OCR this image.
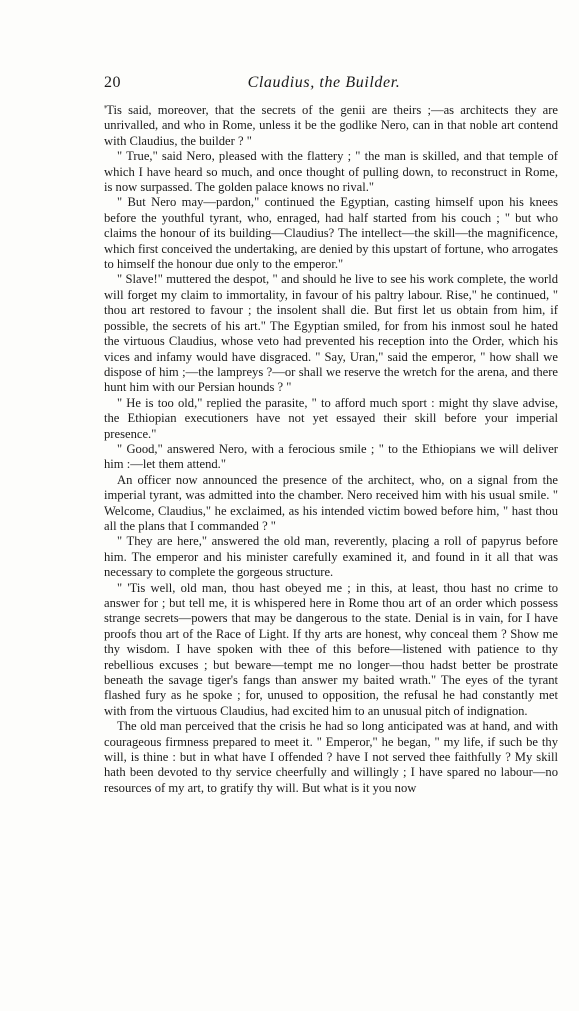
20	Claudius, the Builder.

'Tis said, moreover, that the secrets of the genii are theirs ;—as architects they are unrivalled, and who in Rome, unless it be the godlike Nero, can in that noble art contend with Claudius, the builder ? "

" True," said Nero, pleased with the flattery ; " the man is skilled, and that temple of which I have heard so much, and once thought of pulling down, to reconstruct in Rome, is now surpassed. The golden palace knows no rival."

" But Nero may—pardon," continued the Egyptian, casting himself upon his knees before the youthful tyrant, who, enraged, had half started from his couch ; " but who claims the honour of its building—Claudius? The intellect—the skill—the magnificence, which first conceived the undertaking, are denied by this upstart of fortune, who arrogates to himself the honour due only to the emperor."

" Slave!" muttered the despot, " and should he live to see his work complete, the world will forget my claim to immortality, in favour of his paltry labour. Rise," he continued, " thou art restored to favour ; the insolent shall die. But first let us obtain from him, if possible, the secrets of his art." The Egyptian smiled, for from his inmost soul he hated the virtuous Claudius, whose veto had prevented his reception into the Order, which his vices and infamy would have disgraced. " Say, Uran," said the emperor, " how shall we dispose of him ;—the lampreys ?—or shall we reserve the wretch for the arena, and there hunt him with our Persian hounds ? "

" He is too old," replied the parasite, " to afford much sport : might thy slave advise, the Ethiopian executioners have not yet essayed their skill before your imperial presence."

" Good," answered Nero, with a ferocious smile ; " to the Ethiopians we will deliver him :—let them attend."

An officer now announced the presence of the architect, who, on a signal from the imperial tyrant, was admitted into the chamber. Nero received him with his usual smile. " Welcome, Claudius," he exclaimed, as his intended victim bowed before him, " hast thou all the plans that I commanded ? "

" They are here," answered the old man, reverently, placing a roll of papyrus before him. The emperor and his minister carefully examined it, and found in it all that was necessary to complete the gorgeous structure.

" 'Tis well, old man, thou hast obeyed me ; in this, at least, thou hast no crime to answer for ; but tell me, it is whispered here in Rome thou art of an order which possess strange secrets—powers that may be dangerous to the state. Denial is in vain, for I have proofs thou art of the Race of Light. If thy arts are honest, why conceal them ? Show me thy wisdom. I have spoken with thee of this before—listened with patience to thy rebellious excuses ; but beware—tempt me no longer—thou hadst better be prostrate beneath the savage tiger's fangs than answer my baited wrath." The eyes of the tyrant flashed fury as he spoke ; for, unused to opposition, the refusal he had constantly met with from the virtuous Claudius, had excited him to an unusual pitch of indignation.

The old man perceived that the crisis he had so long anticipated was at hand, and with courageous firmness prepared to meet it. " Emperor," he began, " my life, if such be thy will, is thine : but in what have I offended ? have I not served thee faithfully ? My skill hath been devoted to thy service cheerfully and willingly ; I have spared no labour—no resources of my art, to gratify thy will. But what is it you now
